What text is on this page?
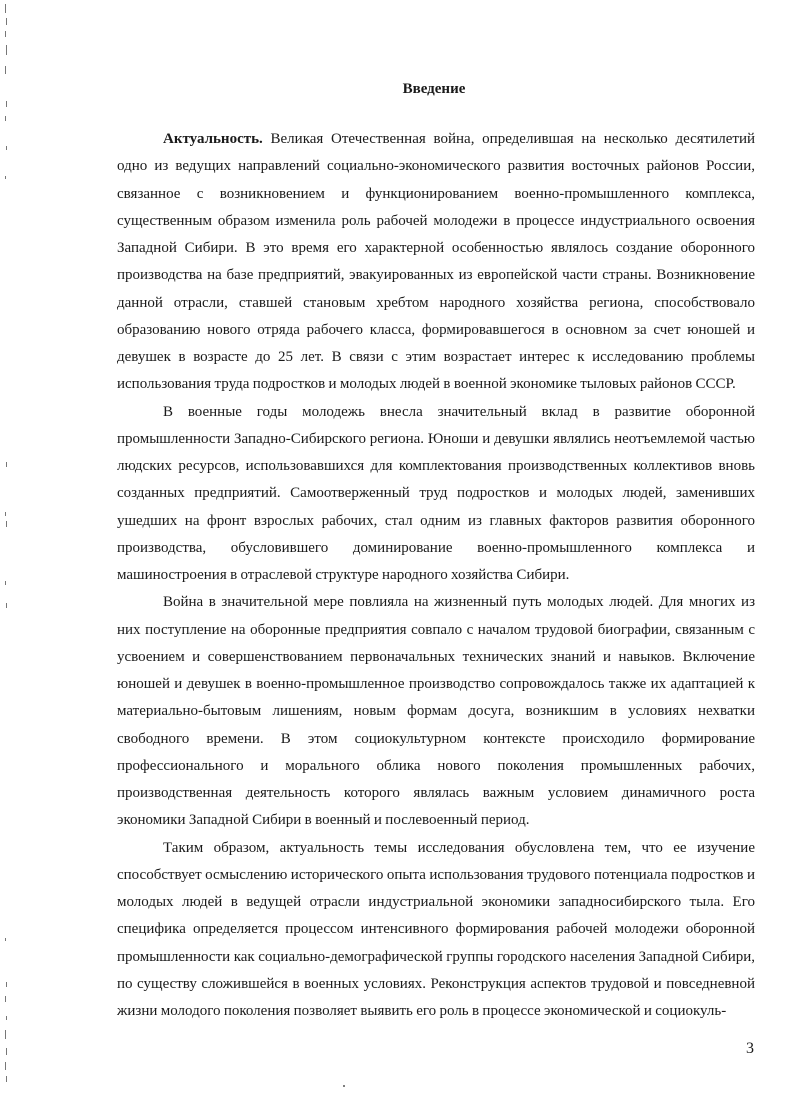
Введение

Актуальность. Великая Отечественная война, определившая на несколько десятилетий одно из ведущих направлений социально-экономического развития восточных районов России, связанное с возникновением и функционированием военно-промышленного комплекса, существенным образом изменила роль рабочей молодежи в процессе индустриального освоения Западной Сибири. В это время его характерной особенностью являлось создание оборонного производства на базе предприятий, эвакуированных из европейской части страны. Возникновение данной отрасли, ставшей становым хребтом народного хозяйства региона, способствовало образованию нового отряда рабочего класса, формировавшегося в основном за счет юношей и девушек в возрасте до 25 лет. В связи с этим возрастает интерес к исследованию проблемы использования труда подростков и молодых людей в военной экономике тыловых районов СССР.

В военные годы молодежь внесла значительный вклад в развитие оборонной промышленности Западно-Сибирского региона. Юноши и девушки являлись неотъемлемой частью людских ресурсов, использовавшихся для комплектования производственных коллективов вновь созданных предприятий. Самоотверженный труд подростков и молодых людей, заменивших ушедших на фронт взрослых рабочих, стал одним из главных факторов развития оборонного производства, обусловившего доминирование военно-промышленного комплекса и машиностроения в отраслевой структуре народного хозяйства Сибири.

Война в значительной мере повлияла на жизненный путь молодых людей. Для многих из них поступление на оборонные предприятия совпало с началом трудовой биографии, связанным с усвоением и совершенствованием первоначальных технических знаний и навыков. Включение юношей и девушек в военно-промышленное производство сопровождалось также их адаптацией к материально-бытовым лишениям, новым формам досуга, возникшим в условиях нехватки свободного времени. В этом социокультурном контексте происходило формирование профессионального и морального облика нового поколения промышленных рабочих, производственная деятельность которого являлась важным условием динамичного роста экономики Западной Сибири в военный и послевоенный период.

Таким образом, актуальность темы исследования обусловлена тем, что ее изучение способствует осмыслению исторического опыта использования трудового потенциала подростков и молодых людей в ведущей отрасли индустриальной экономики западносибирского тыла. Его специфика определяется процессом интенсивного формирования рабочей молодежи оборонной промышленности как социально-демографической группы городского населения Западной Сибири, по существу сложившейся в военных условиях. Реконструкция аспектов трудовой и повседневной жизни молодого поколения позволяет выявить его роль в процессе экономической и социокуль-

3
